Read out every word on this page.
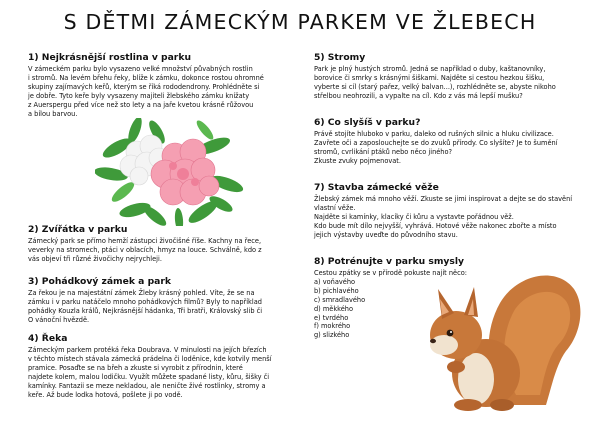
S DĚTMI ZÁMECKÝM PARKEM VE ŽLEBECH
1) Nejkrásnější rostlina v parku
V zámeckém parku bylo vysazeno velké množství půvabných rostlin
i stromů. Na levém břehu řeky, blíže k zámku, dokonce rostou ohromné
skupiny zajímavých keřů, kterým se říká rododendrony. Prohlédněte si
je dobře. Tyto keře byly vysazeny majiteli žlebského zámku knížaty
z Auerspergu před více než sto lety a na jaře kvetou krásně růžovou
a bílou barvou.
2) Zvířátka v parku
Zámecký park se přímo hemží zástupci živočišné říše. Kachny na řece,
veverky na stromech, ptáci v oblacích, hmyz na louce. Schválně, kdo z
vás objeví tři různé živočichy nejrychleji.
3) Pohádkový zámek a park
Za řekou je na majestátní zámek Žleby krásný pohled. Víte, že se na
zámku i v parku natáčelo mnoho pohádkových filmů? Byly to například
pohádky Kouzla králů, Nejkrásnější hádanka, Tři bratři, Královský slib či
O vánoční hvězdě.
4) Řeka
Zámeckým parkem protéká řeka Doubrava. V minulosti na jejích březích
v těchto místech stávala zámecká prádelna či loděnice, kde kotvily menší
pramice. Posaďte se na břeh a zkuste si vyrobit z přírodnin, které
najdete kolem, malou lodičku. Využít můžete spadané listy, kůru, šišky či
kamínky. Fantazii se meze nekladou, ale neničte živé rostlinky, stromy a
keře. Až bude lodka hotová, pošlete ji po vodě.
5) Stromy
Park je plný hustých stromů. Jedná se například o duby, kaštanovníky,
borovice či smrky s krásnými šiškami. Najděte si cestou hezkou šišku,
vyberte si cíl (starý pařez, velký balvan...), rozhlédněte se, abyste nikoho
střelbou neohrozili, a vypalte na cíl. Kdo z vás má lepší mušku?
6) Co slyšíš v parku?
Právě stojíte hluboko v parku, daleko od rušných silnic a hluku civilizace.
Zavřete oči a zaposlouchejte se do zvuků přírody. Co slyšíte? Je to šumění
stromů, cvrlikání ptáků nebo něco jiného?
Zkuste zvuky pojmenovat.
7) Stavba zámecké věže
Žlebský zámek má mnoho věží. Zkuste se jimi inspirovat a dejte se do stavění
vlastní věže.
Najděte si kamínky, klacíky či kůru a vystavte pořádnou věž.
Kdo bude mít dílo nejvyšší, vyhrává. Hotové věže nakonec zbořte a místo
jejich výstavby uveďte do původního stavu.
8) Potrénujte v parku smysly
Cestou zpátky se v přírodě pokuste najít něco:
a) voňavého
b) pichlavého
c) smradlavého
d) měkkého
e) tvrdého
f) mokrého
g) slizkého
